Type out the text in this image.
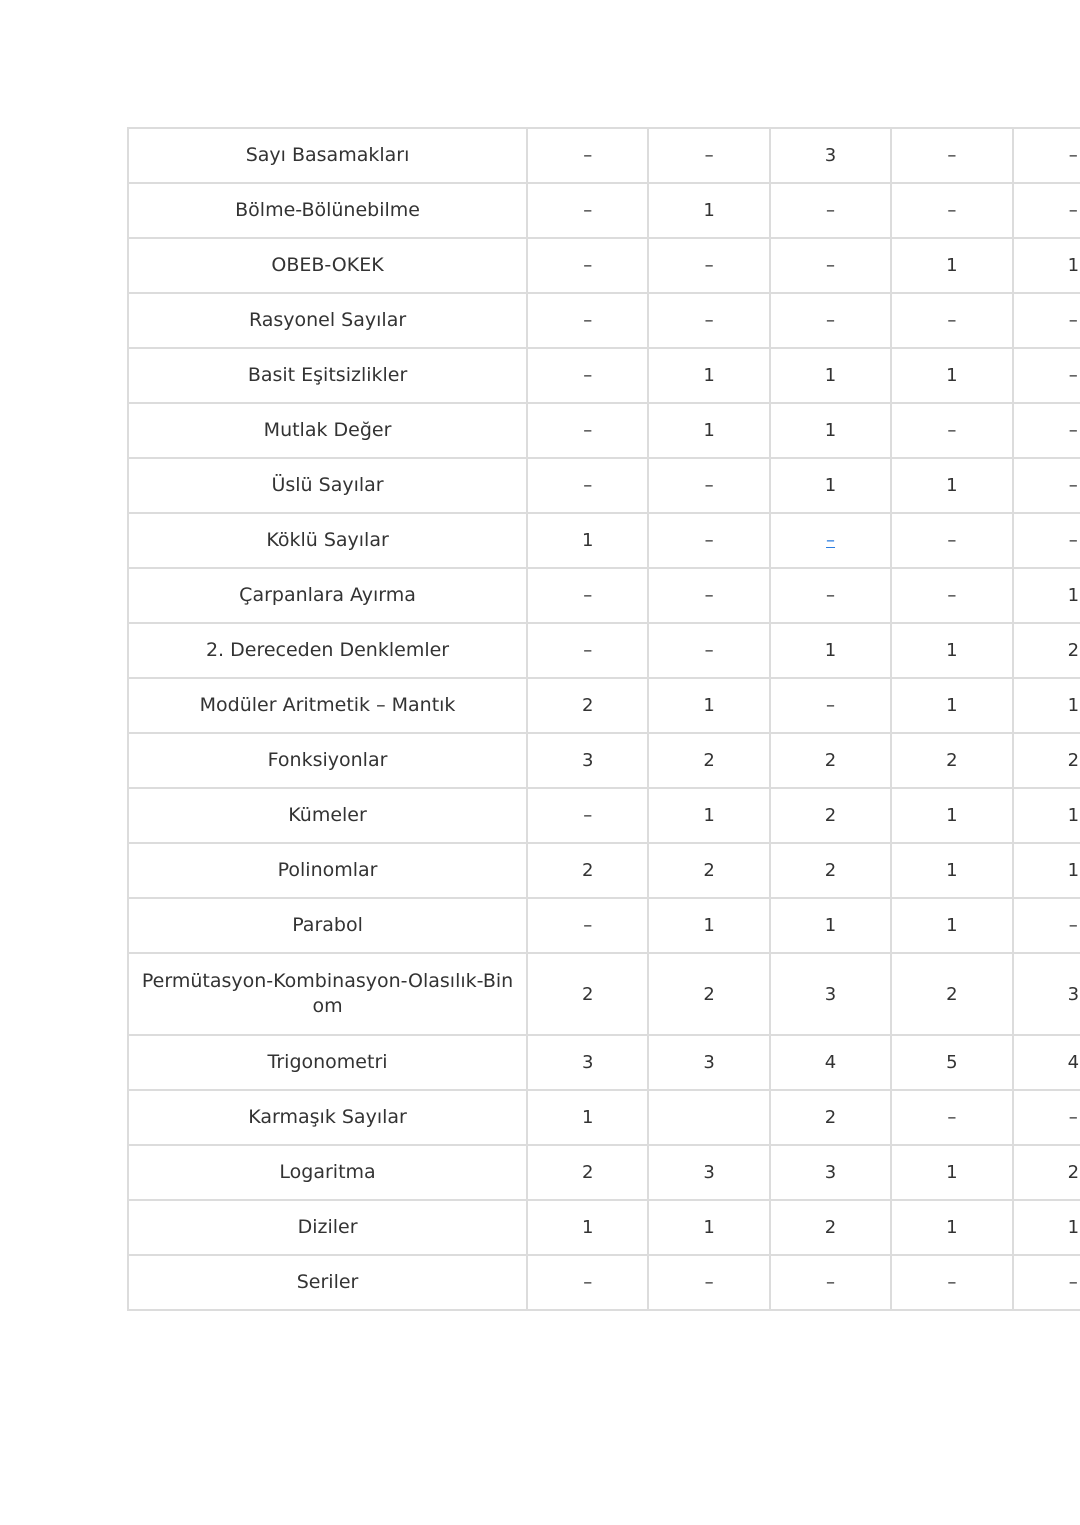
Sayı Basamakları	–	–	3	–	–
Bölme-Bölünebilme	–	1	–	–	–
OBEB-OKEK	–	–	–	1	1
Rasyonel Sayılar	–	–	–	–	–
Basit Eşitsizlikler	–	1	1	1	–
Mutlak Değer	–	1	1	–	–
Üslü Sayılar	–	–	1	1	–
Köklü Sayılar	1	–	–	–	–
Çarpanlara Ayırma	–	–	–	–	1
2. Dereceden Denklemler	–	–	1	1	2
Modüler Aritmetik – Mantık	2	1	–	1	1
Fonksiyonlar	3	2	2	2	2
Kümeler	–	1	2	1	1
Polinomlar	2	2	2	1	1
Parabol	–	1	1	1	–
Permütasyon-Kombinasyon-Olasılık-Binom	2	2	3	2	3
Trigonometri	3	3	4	5	4
Karmaşık Sayılar	1		2	–	–
Logaritma	2	3	3	1	2
Diziler	1	1	2	1	1
Seriler	–	–	–	–	–
